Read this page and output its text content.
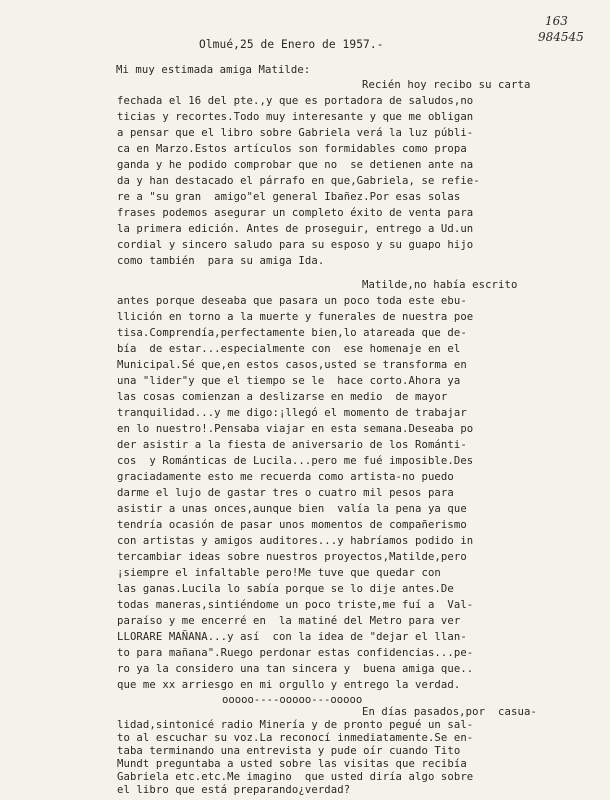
163
984545
Olmué,25 de Enero de 1957.-
Mi muy estimada amiga Matilde:
Recién hoy recibo su carta
fechada el 16 del pte.,y que es portadora de saludos,no
ticias y recortes.Todo muy interesante y que me obligan
a pensar que el libro sobre Gabriela verá la luz públi-
ca en Marzo.Estos artículos son formidables como propa
ganda y he podido comprobar que no  se detienen ante na
da y han destacado el párrafo en que,Gabriela, se refie-
re a "su gran  amigo"el general Ibañez.Por esas solas
frases podemos asegurar un completo éxito de venta para
la primera edición. Antes de proseguir, entrego a Ud.un
cordial y sincero saludo para su esposo y su guapo hijo
como también  para su amiga Ida.
Matilde,no había escrito
antes porque deseaba que pasara un poco toda este ebu-
llición en torno a la muerte y funerales de nuestra poe
tisa.Comprendía,perfectamente bien,lo atareada que de-
bía  de estar...especialmente con  ese homenaje en el
Municipal.Sé que,en estos casos,usted se transforma en
una "lider"y que el tiempo se le  hace corto.Ahora ya
las cosas comienzan a deslizarse en medio  de mayor
tranquilidad...y me digo:¡llegó el momento de trabajar
en lo nuestro!.Pensaba viajar en esta semana.Deseaba po
der asistir a la fiesta de aniversario de los Románti-
cos  y Románticas de Lucila...pero me fué imposible.Des
graciadamente esto me recuerda como artista-no puedo
darme el lujo de gastar tres o cuatro mil pesos para
asistir a unas onces,aunque bien  valía la pena ya que
tendría ocasión de pasar unos momentos de compañerismo
con artistas y amigos auditores...y habríamos podido in
tercambiar ideas sobre nuestros proyectos,Matilde,pero
¡siempre el infaltable pero!Me tuve que quedar con
las ganas.Lucila lo sabía porque se lo dije antes.De
todas maneras,sintiéndome un poco triste,me fuí a  Val-
paraíso y me encerré en  la matiné del Metro para ver
LLORARE MAÑANA...y así  con la idea de "dejar el llan-
to para mañana".Ruego perdonar estas confidencias...pe-
ro ya la considero una tan sincera y  buena amiga que..
que me xx arriesgo en mi orgullo y entrego la verdad.
ooooo----ooooo---ooooo
En días pasados,por  casua-
lidad,sintonicé radio Minería y de pronto pegué un sal-
to al escuchar su voz.La reconocí inmediatamente.Se en-
taba terminando una entrevista y pude oír cuando Tito
Mundt preguntaba a usted sobre las visitas que recibía
Gabriela etc.etc.Me imagino  que usted diría algo sobre
el libro que está preparando¿verdad?
